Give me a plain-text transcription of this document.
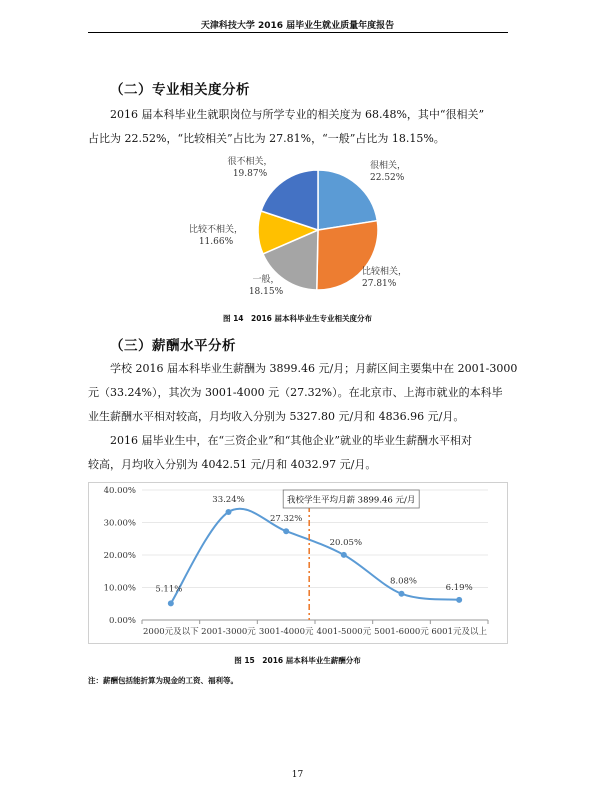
天津科技大学 2016 届毕业生就业质量年度报告
（二）专业相关度分析
2016 届本科毕业生就职岗位与所学专业的相关度为 68.48%，其中“很相关”
占比为 22.52%，“比较相关”占比为 27.81%，“一般”占比为 18.15%。
很相关，
22.52%
比较相关，
27.81%
一般，
18.15%
比较不相关，
11.66%
很不相关，
19.87%
图 14　2016 届本科毕业生专业相关度分布
（三）薪酬水平分析
学校 2016 届本科毕业生薪酬为 3899.46 元/月；月薪区间主要集中在 2001-3000
元（33.24%），其次为 3001-4000 元（27.32%）。在北京市、上海市就业的本科毕
业生薪酬水平相对较高，月均收入分别为 5327.80 元/月和 4836.96 元/月。
2016 届毕业生中，在“三资企业”和“其他企业”就业的毕业生薪酬水平相对
较高，月均收入分别为 4042.51 元/月和 4032.97 元/月。
0.00%
10.00%
20.00%
30.00%
40.00%
2000元及以下 2001-3000元 3001-4000元 4001-5000元 5001-6000元 6001元及以上
5.11%
33.24%
27.32%
20.05%
8.08%
6.19%
我校学生平均月薪 3899.46 元/月
图 15　2016 届本科毕业生薪酬分布
注：薪酬包括能折算为现金的工资、福利等。
17
